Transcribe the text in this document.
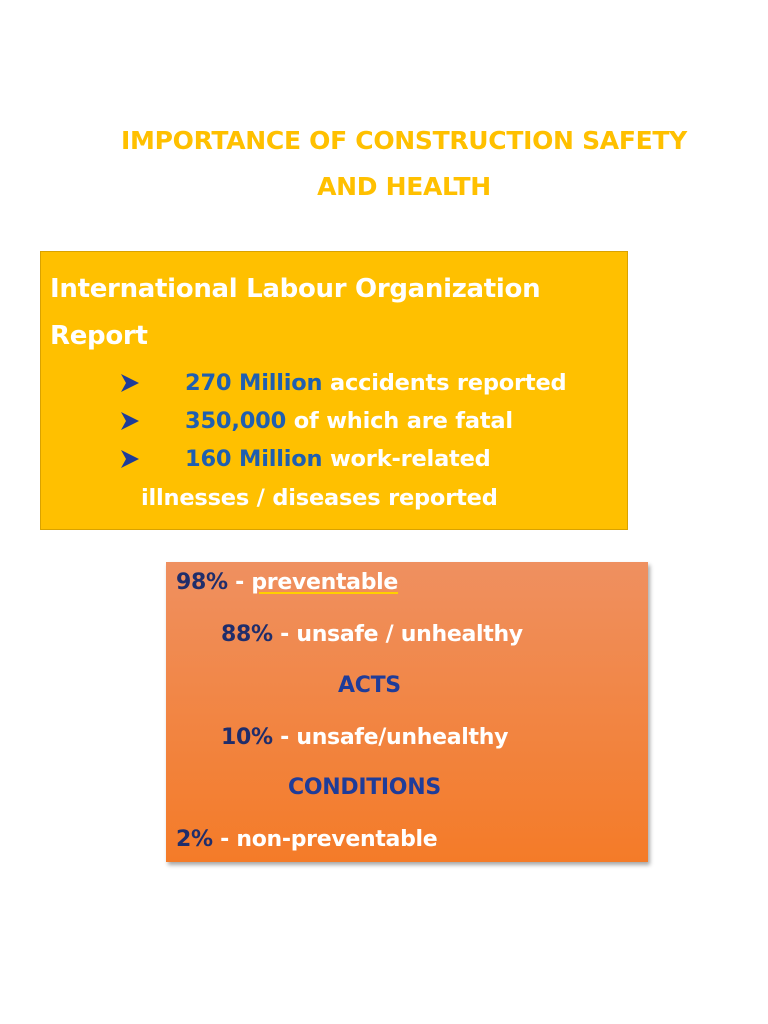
IMPORTANCE OF CONSTRUCTION SAFETY
AND HEALTH
International Labour Organization
Report
270 Million accidents reported
350,000 of which are fatal
160 Million work-related
illnesses / diseases reported
98% - preventable
88% - unsafe / unhealthy
ACTS
10% - unsafe/unhealthy
CONDITIONS
2% - non-preventable
